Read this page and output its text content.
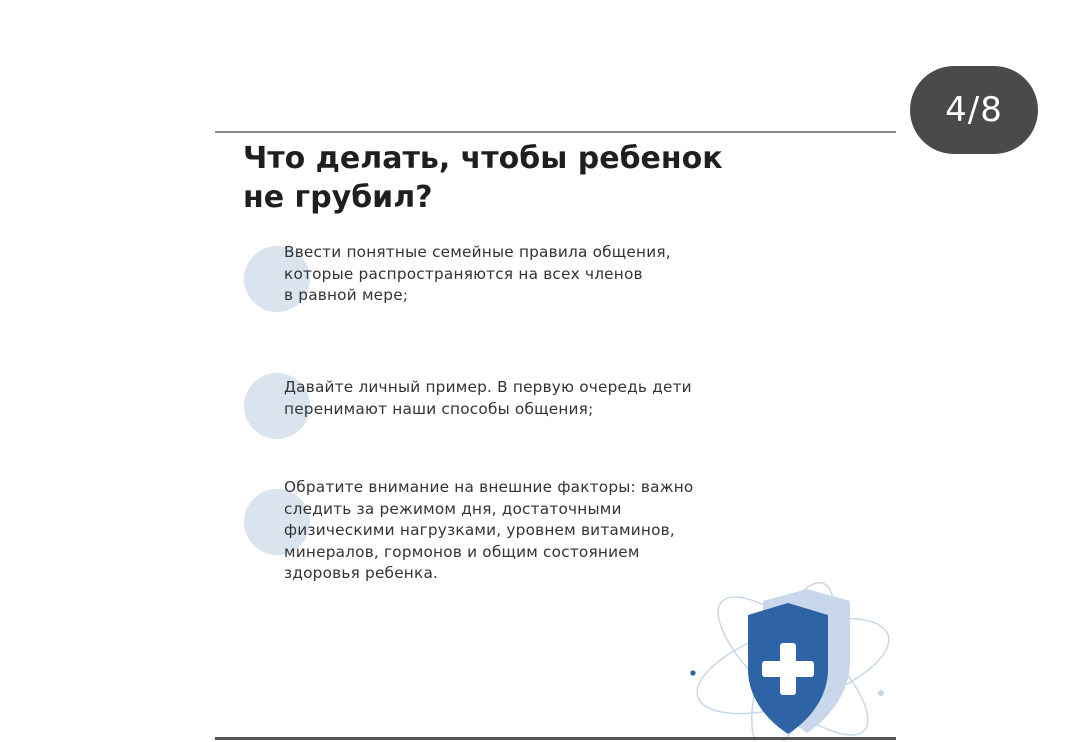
4/8
Что делать, чтобы ребенок
не грубил?
Ввести понятные семейные правила общения,
которые распространяются на всех членов
в равной мере;
Давайте личный пример. В первую очередь дети
перенимают наши способы общения;
Обратите внимание на внешние факторы: важно
следить за режимом дня, достаточными
физическими нагрузками, уровнем витаминов,
минералов, гормонов и общим состоянием
здоровья ребенка.
